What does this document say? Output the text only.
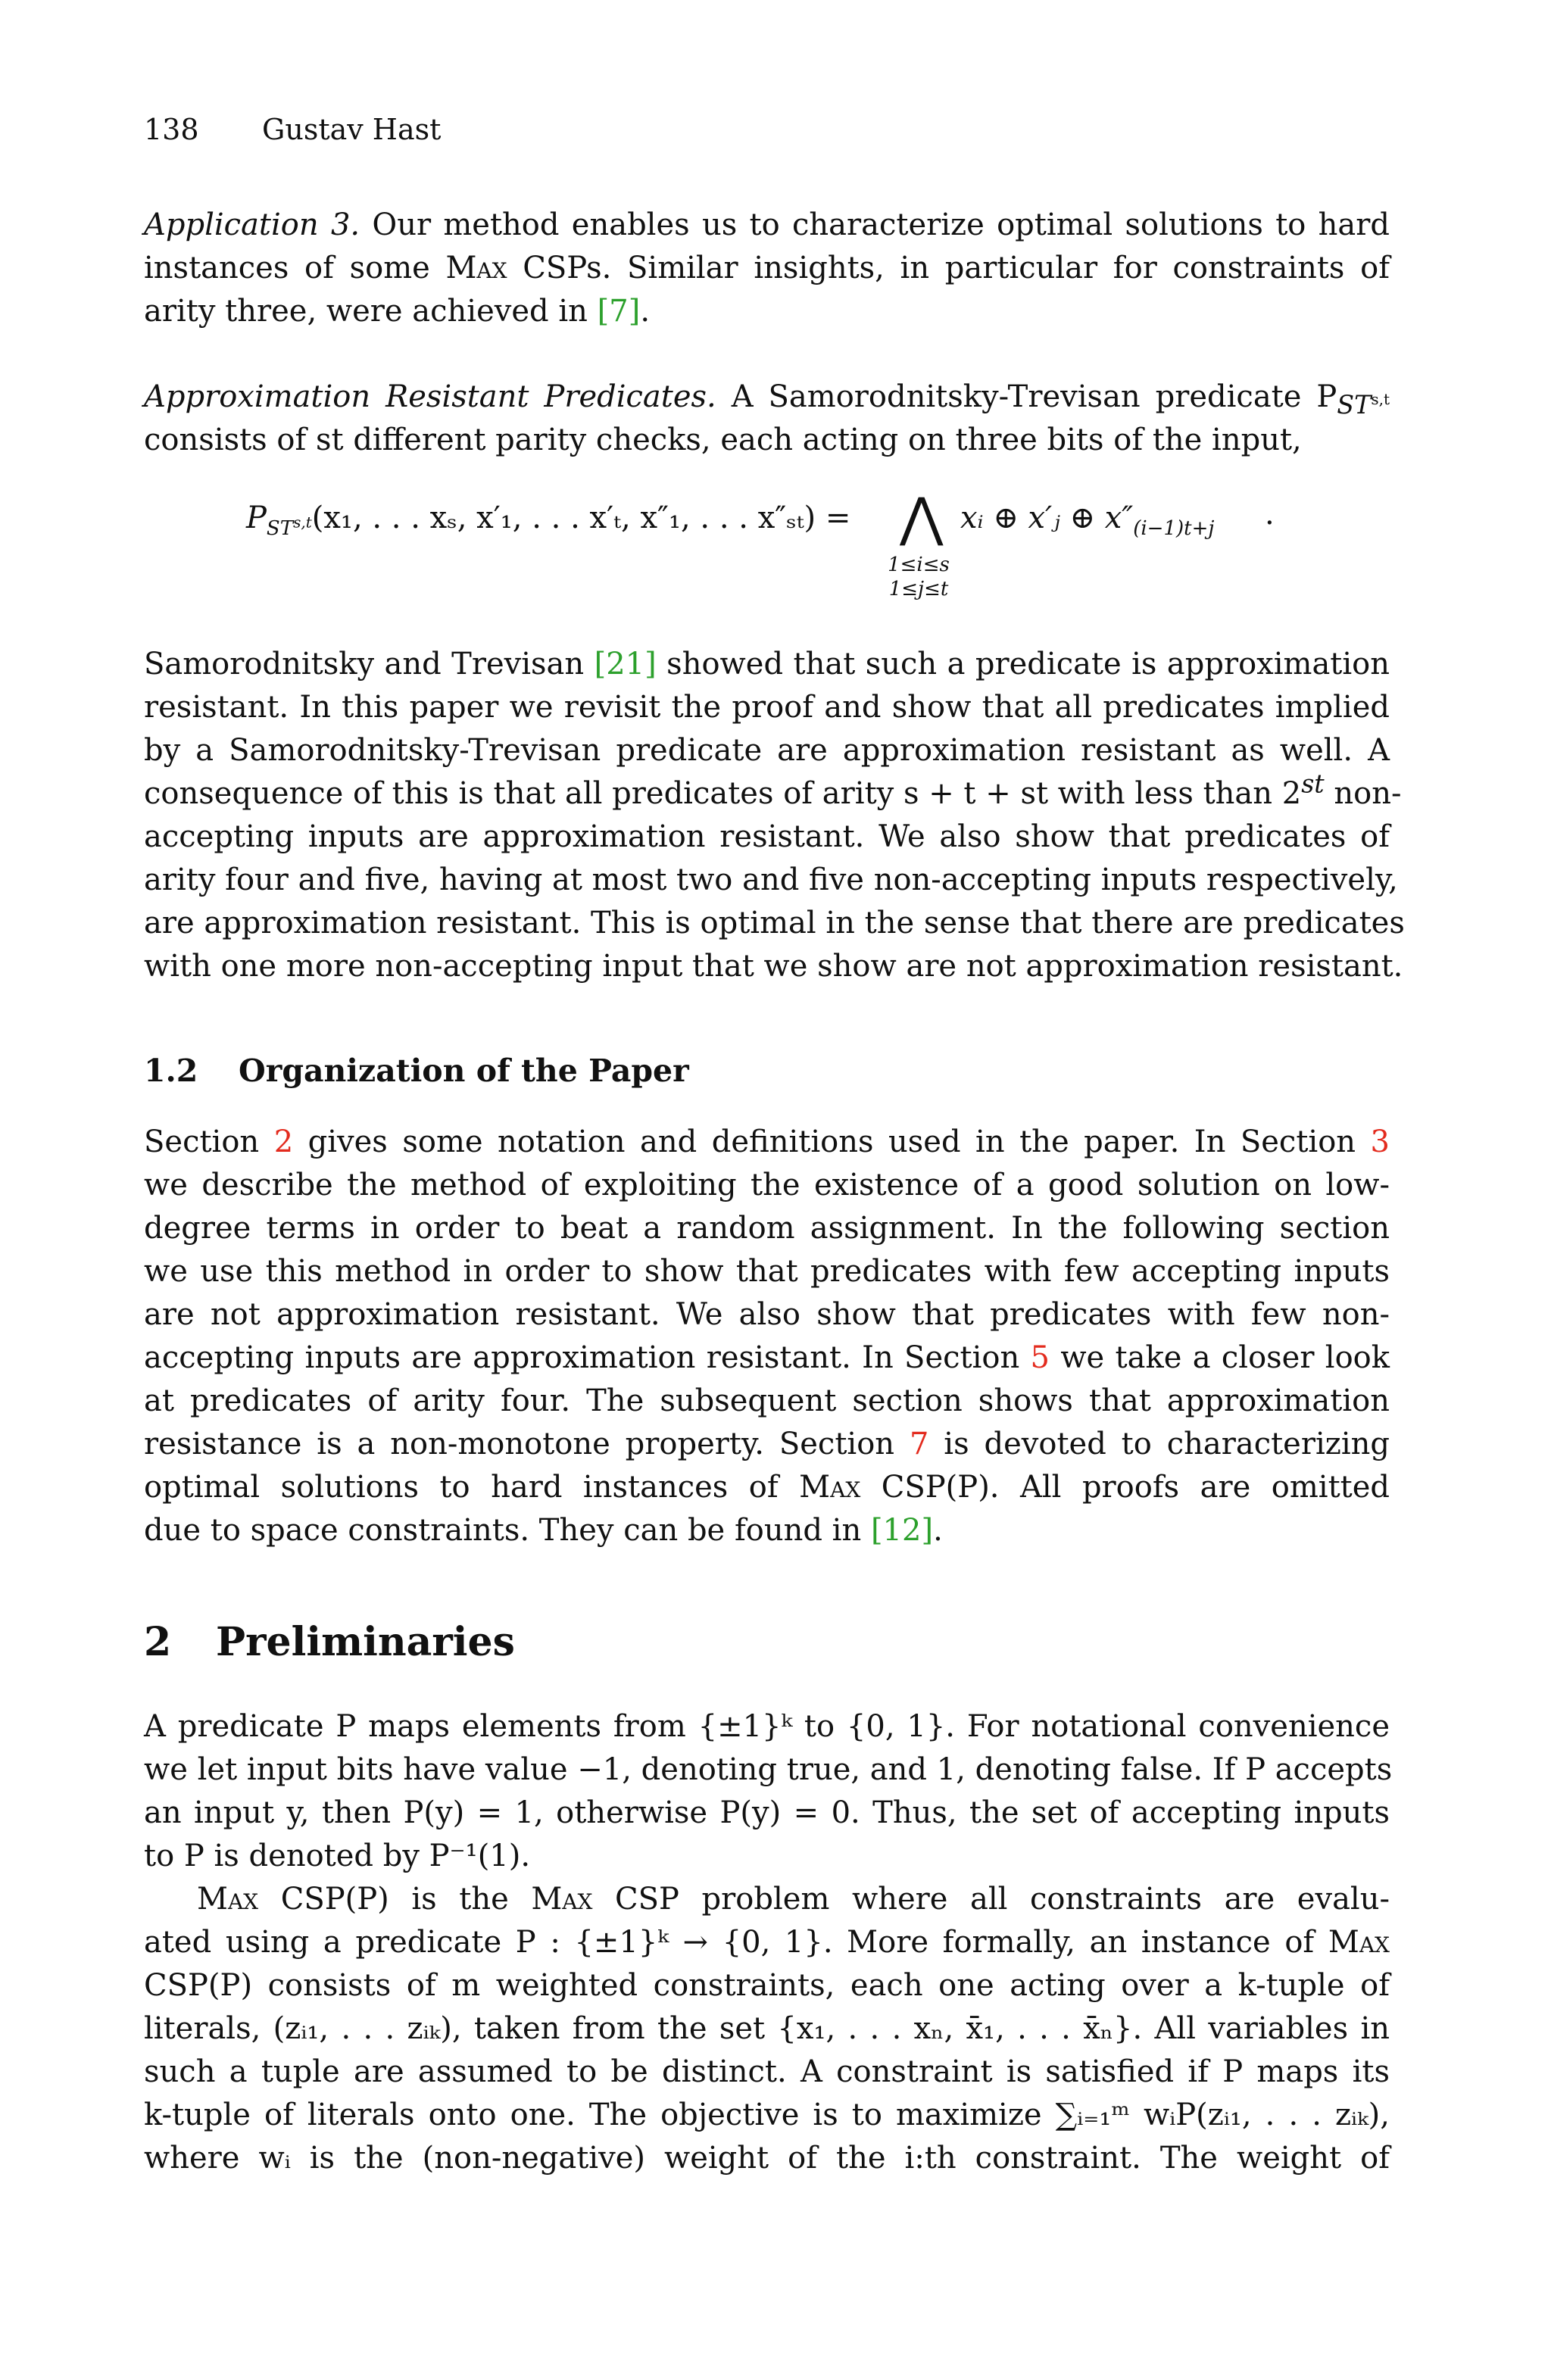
138 Gustav Hast

Application 3. Our method enables us to characterize optimal solutions to hard
instances of some Max CSPs. Similar insights, in particular for constraints of
arity three, were achieved in [7].

Approximation Resistant Predicates. A Samorodnitsky-Trevisan predicate $P_{ST^{s,t}}$
consists of st different parity checks, each acting on three bits of the input,

$P_{ST^{s,t}}(x_1$, . . . xₛ, x′₁, . . . x′ₜ, x″₁, . . . x″ₛₜ) = ⋀
1≤i≤s
1≤j≤t
xᵢ ⊕ x′ⱼ ⊕ $x''_{(i-1)t+j}$ .

Samorodnitsky and Trevisan [21] showed that such a predicate is approximation
resistant. In this paper we revisit the proof and show that all predicates implied
by a Samorodnitsky-Trevisan predicate are approximation resistant as well. A
consequence of this is that all predicates of arity s + t + st with less than 2st non-
accepting inputs are approximation resistant. We also show that predicates of
arity four and five, having at most two and five non-accepting inputs respectively,
are approximation resistant. This is optimal in the sense that there are predicates
with one more non-accepting input that we show are not approximation resistant.

1.2 Organization of the Paper

Section 2 gives some notation and definitions used in the paper. In Section 3
we describe the method of exploiting the existence of a good solution on low-
degree terms in order to beat a random assignment. In the following section
we use this method in order to show that predicates with few accepting inputs
are not approximation resistant. We also show that predicates with few non-
accepting inputs are approximation resistant. In Section 5 we take a closer look
at predicates of arity four. The subsequent section shows that approximation
resistance is a non-monotone property. Section 7 is devoted to characterizing
optimal solutions to hard instances of Max CSP(P). All proofs are omitted
due to space constraints. They can be found in [12].

2 Preliminaries

A predicate P maps elements from {±1}ᵏ to {0, 1}. For notational convenience
we let input bits have value −1, denoting true, and 1, denoting false. If P accepts
an input y, then P(y) = 1, otherwise P(y) = 0. Thus, the set of accepting inputs
to P is denoted by P⁻¹(1).

Max CSP(P) is the Max CSP problem where all constraints are evalu-
ated using a predicate P : {±1}ᵏ → {0, 1}. More formally, an instance of Max
CSP(P) consists of m weighted constraints, each one acting over a k-tuple of
literals, (zᵢ₁, . . . zᵢₖ), taken from the set {x₁, . . . xₙ, x̄₁, . . . x̄ₙ}. All variables in
such a tuple are assumed to be distinct. A constraint is satisfied if P maps its
k-tuple of literals onto one. The objective is to maximize ∑ᵢ₌₁ᵐ wᵢP(zᵢ₁, . . . zᵢₖ),
where wᵢ is the (non-negative) weight of the i:th constraint. The weight of
